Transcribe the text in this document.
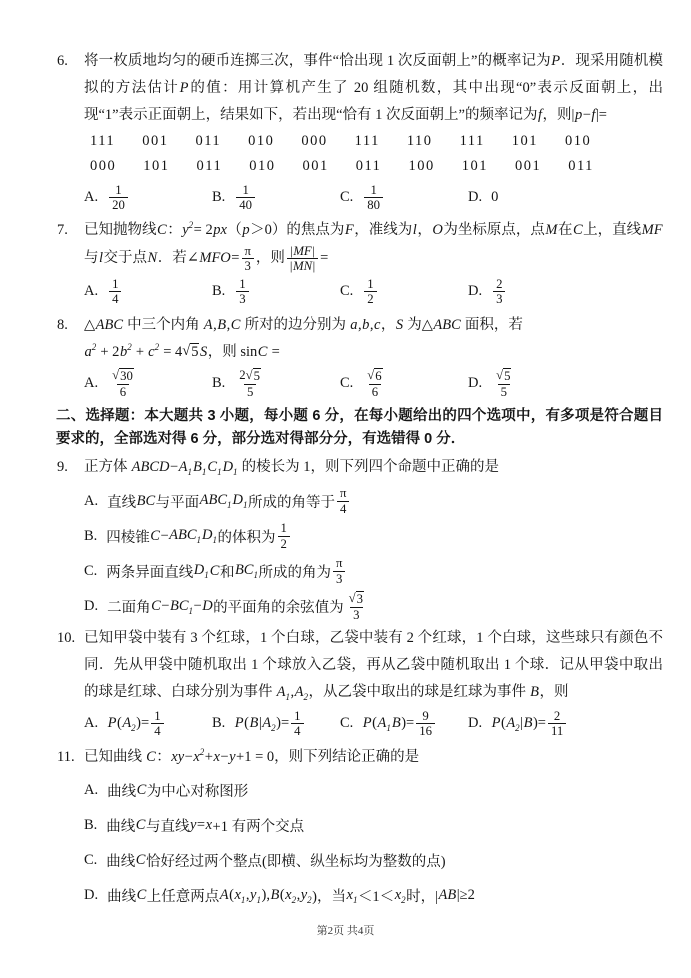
6.	将一枚质地均匀的硬币连掷三次，事件“恰出现 1 次反面朝上”的概率记为P．现采用随机模拟的方法估计P的值：用计算机产生了 20 组随机数，其中出现“0”表示反面朝上，出现“1”表示正面朝上，结果如下，若出现“恰有 1 次反面朝上”的频率记为f，则|p−f|=
111 001 011 010 000 111 110 111 101 010
000 101 011 010 001 011 100 101 001 011
A. $\frac{1}{20}$	B. $\frac{1}{40}$	C. $\frac{1}{80}$	D. 0
7.	已知抛物线C：$y^2= 2px(p>0)$的焦点为F，准线为l，O为坐标原点，点M在C上，直线MF与l交于点N．若∠MFO= $\frac{\pi}{3}$ ，则 $\frac{|MF|}{|MN|}$ =
A. $\frac{1}{4}$	B. $\frac{1}{3}$	C. $\frac{1}{2}$	D. $\frac{2}{3}$
8.	△ABC 中三个内角 A,B,C 所对的边分别为 a,b,c，S 为△ABC 面积，若
$a^2 + 2b^2 + c^2 = 4$ √ 5 S，则 sinC =
A. $\frac{√ 30}{6}$	B. $\frac{2 √ 5}{5}$	C. $\frac{√ 6}{6}$	D. $\frac{√ 5}{5}$
二、选择题：本大题共 3 小题，每小题 6 分，在每小题给出的四个选项中，有多项是符合题目要求的，全部选对得 6 分，部分选对得部分分，有选错得 0 分．
9.	正方体 $ABCD-A_1B_1C_1D_1$ 的棱长为 1，则下列四个命题中正确的是
A. 直线 BC 与平面 $ABC_1$ $D_1$ 所成的角等于 $\frac{\pi}{4}$
B. 四棱锥 $C - ABC_1$ $D_1$ 的体积为 $\frac{1}{2}$
C. 两条异面直线 $D_1$ C 和 $BC_1$ 所成的角为 $\frac{\pi}{3}$
D. 二面角 $C - BC_1 - D$ 的平面角的余弦值为 $\frac{√ 3}{3}$
10. 已知甲袋中装有 3 个红球，1 个白球，乙袋中装有 2 个红球，1 个白球，这些球只有颜色不同．先从甲袋中随机取出 1 个球放入乙袋，再从乙袋中随机取出 1 个球．记从甲袋中取出的球是红球、白球分别为事件 $A_1,A_2$，从乙袋中取出的球是红球为事件 B，则
A. P ( $A_2$ )= $\frac{1}{4}$	B. P ( B | $A_2$ )= $\frac{1}{4}$	C. P ( $A_1$ B )= $\frac{9}{16} D$. P ( $A_2$ | B )= $\frac{2}{11}$
11. 已知曲线 C：$xy-x^2+x-y+1 = 0$，则下列结论正确的是
A. 曲线 C 为中心对称图形
B. 曲线 C 与直线 y = x +1 有两个交点
C. 曲线 C 恰好经过两个整点(即横、纵坐标均为整数的点)
D. 曲线 C 上任意两点 A ( $x_1$ , $y_1$ ), B ( $x_2$ , $y_2$ )，当 $x_1 <1< x_2$ 时，| AB |≥2
第2页 共4页
